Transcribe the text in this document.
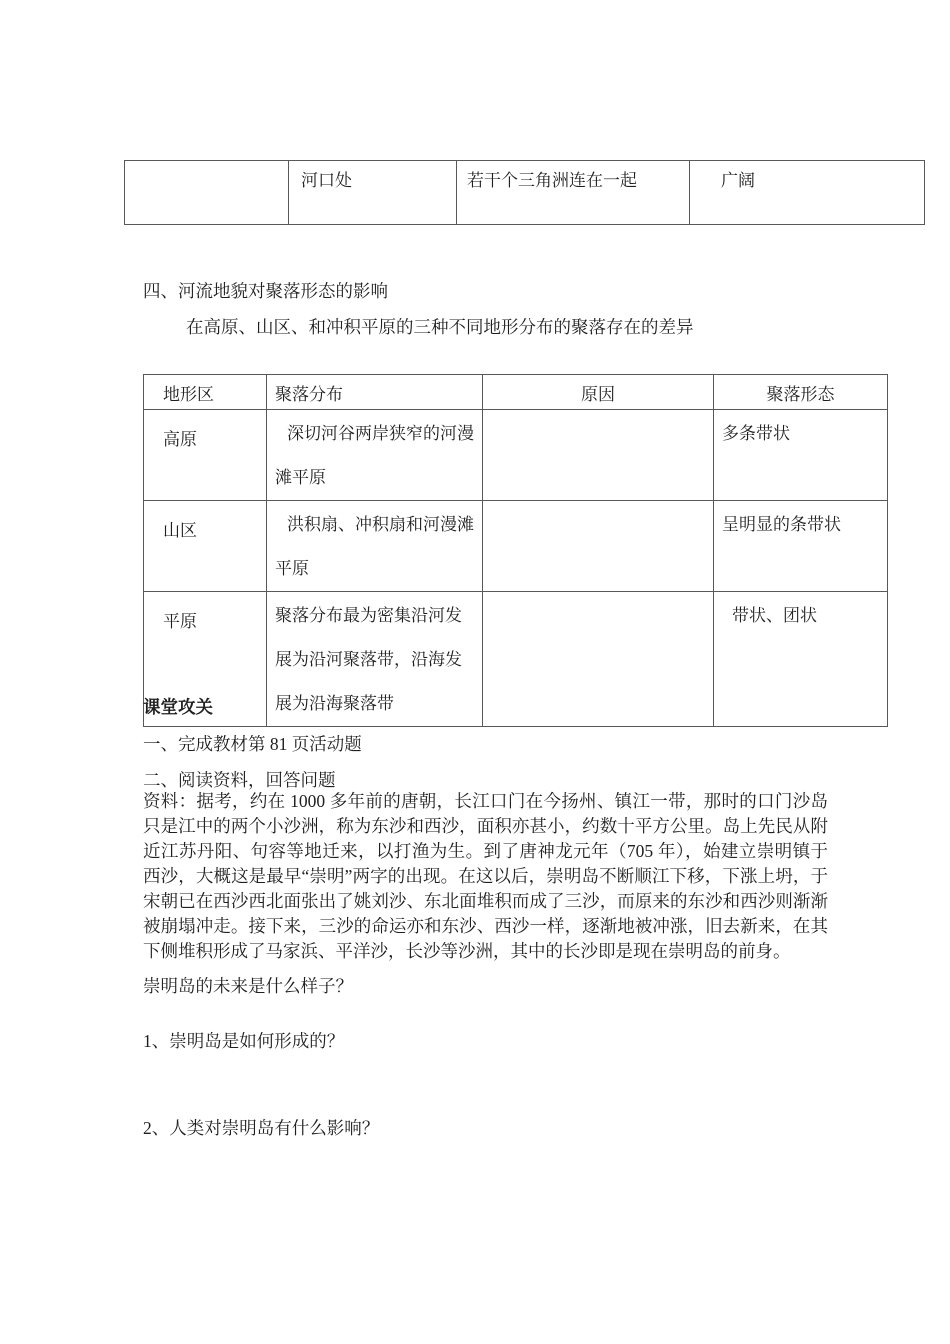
	河口处	若干个三角洲连在一起	广阔
四、河流地貌对聚落形态的影响
在高原、山区、和冲积平原的三种不同地形分布的聚落存在的差异
地形区	聚落分布	原因	聚落形态
高原	深切河谷两岸狭窄的河漫滩平原		多条带状
山区	洪积扇、冲积扇和河漫滩平原		呈明显的条带状
平原	聚落分布最为密集沿河发展为沿河聚落带，沿海发展为沿海聚落带		带状、团状
课堂攻关
一、完成教材第 81 页活动题
二、阅读资料，回答问题
资料：据考，约在 1000 多年前的唐朝，长江口门在今扬州、镇江一带，那时的口门沙岛只是江中的两个小沙洲，称为东沙和西沙，面积亦甚小，约数十平方公里。岛上先民从附近江苏丹阳、句容等地迁来，以打渔为生。到了唐神龙元年（705 年），始建立崇明镇于西沙，大概这是最早“崇明”两字的出现。在这以后，崇明岛不断顺江下移，下涨上坍，于宋朝已在西沙西北面张出了姚刘沙、东北面堆积而成了三沙，而原来的东沙和西沙则渐渐被崩塌冲走。接下来，三沙的命运亦和东沙、西沙一样，逐渐地被冲涨，旧去新来，在其下侧堆积形成了马家浜、平洋沙，长沙等沙洲，其中的长沙即是现在崇明岛的前身。
崇明岛的未来是什么样子？
1、崇明岛是如何形成的？
2、人类对崇明岛有什么影响？
